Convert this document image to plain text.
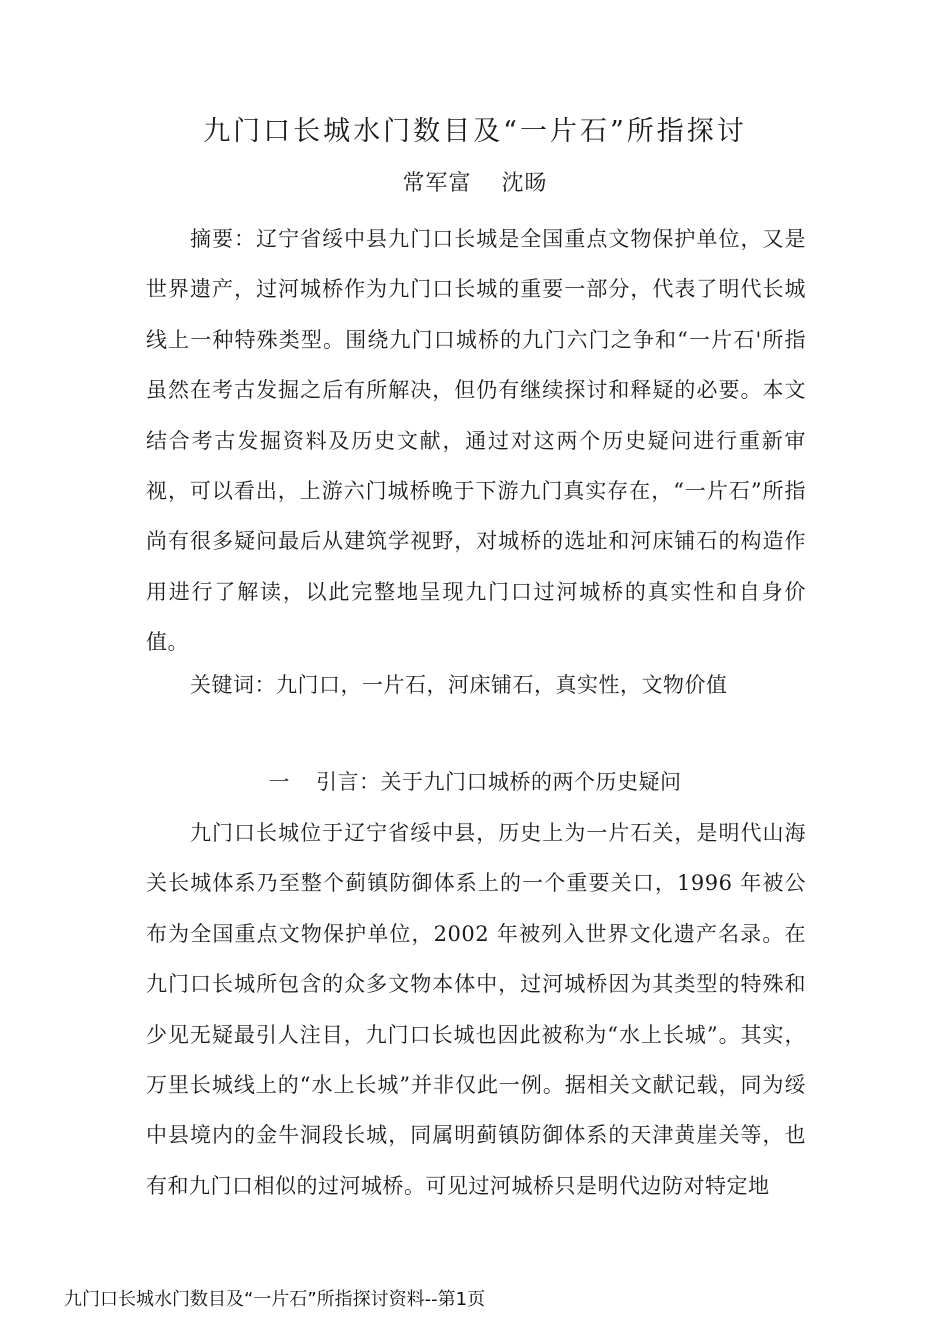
九门口长城水门数目及“一片石”所指探讨
常军富 沈旸
摘要：辽宁省绥中县九门口长城是全国重点文物保护单位，又是世界遗产，过河城桥作为九门口长城的重要一部分，代表了明代长城线上一种特殊类型。围绕九门口城桥的九门六门之争和“一片石'所指虽然在考古发掘之后有所解决，但仍有继续探讨和释疑的必要。本文结合考古发掘资料及历史文献，通过对这两个历史疑问进行重新审视，可以看出，上游六门城桥晚于下游九门真实存在，“一片石”所指尚有很多疑问最后从建筑学视野，对城桥的选址和河床铺石的构造作用进行了解读，以此完整地呈现九门口过河城桥的真实性和自身价值。
关键词：九门口，一片石，河床铺石，真实性，文物价值
一 引言：关于九门口城桥的两个历史疑问
九门口长城位于辽宁省绥中县，历史上为一片石关，是明代山海关长城体系乃至整个蓟镇防御体系上的一个重要关口，1996 年被公布为全国重点文物保护单位，2002 年被列入世界文化遗产名录。在九门口长城所包含的众多文物本体中，过河城桥因为其类型的特殊和少见无疑最引人注目，九门口长城也因此被称为“水上长城”。其实，万里长城线上的“水上长城”并非仅此一例。据相关文献记载，同为绥中县境内的金牛洞段长城，同属明蓟镇防御体系的天津黄崖关等，也有和九门口相似的过河城桥。可见过河城桥只是明代边防对特定地
九门口长城水门数目及“一片石”所指探讨资料--第1页
